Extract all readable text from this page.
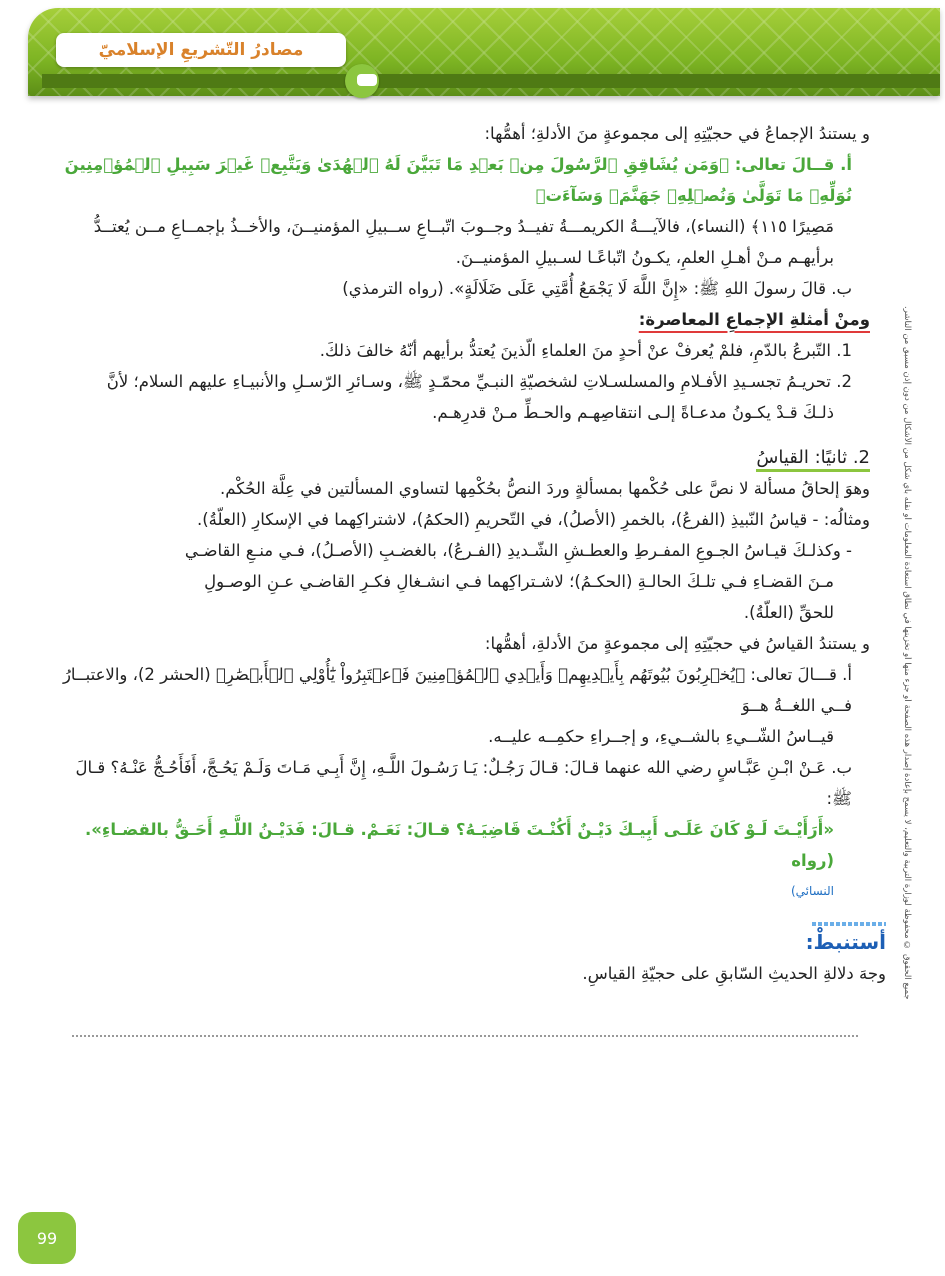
مصادرُ التّشريعِ الإسلاميّ
جميع الحقوق © محفوظة لوزارة التربية والتعليم، لا يسمح بإعادة إصدار هذه الصفحة أو جزء منها أو تخزينها في نطاق استعادة المعلومات أو نقله بأي شكل من الأشكال من دون إذن مسبق من الناشر.

و يستندُ الإجماعُ في حجيّتِهِ إلى مجموعةٍ منَ الأدلةِ؛ أهمُّها:

أ. قــالَ تعالى: ﴿وَمَن يُشَاقِقِ ٱلرَّسُولَ مِنۢ بَعۡدِ مَا تَبَيَّنَ لَهُ ٱلۡهُدَىٰ وَيَتَّبِعۡ غَيۡرَ سَبِيلِ ٱلۡمُؤۡمِنِينَ نُوَلِّهِۦ مَا تَوَلَّىٰ وَنُصۡلِهِۦ جَهَنَّمَۖ وَسَآءَتۡ

مَصِيرًا ١١٥﴾ (النساء)، فالآيـــةُ الكريمـــةُ تفيــدُ وجــوبَ اتّبــاعِ ســبيلِ المؤمنيــنَ، والأخــذُ بإجمــاعِ مــن يُعتــدُّ

برأيهـم مـنْ أهـلِ العلمِ، يكـونُ اتّباعًـا لسـبيلِ المؤمنيــنَ.

ب. قالَ رسولَ اللهِ ﷺ: «إِنَّ اللَّهَ لَا يَجْمَعُ أُمَّتِي عَلَى ضَلَالَةٍ». (رواه الترمذي)

ومنْ أمثلةِ الإجماعِ المعاصرة:

1. التّبرعُ بالدّمِ، فلمْ يُعرفْ عنْ أحدٍ منَ العلماءِ الّذينَ يُعتدُّ برأيهم أنّهُ خالفَ ذلكَ.

2. تحريـمُ تجسـيدِ الأفـلامِ والمسلسـلاتِ لشخصيّةِ النبـيِّ محمّـدٍ ﷺ، وسـائرِ الرّسـلِ والأنبيـاءِ عليهم السلام؛ لأنَّ

ذلـكَ قـدْ يكـونُ مدعـاةً إلـى انتقاصِهـم والحـطِّ مـنْ قدرِهـم.

2. ثانيًا: القياسُ

وهوَ إلحاقُ مسألة لا نصَّ على حُكْمها بمسألةٍ وردَ النصُّ بحُكْمِها لتساوي المسألتين في عِلَّة الحُكْم.

ومثالُه: - قياسُ النّبيذِ (الفرعُ)، بالخمرِ (الأصلُ)، في التّحريمِ (الحكمُ)، لاشتراكِهما في الإسكارِ (العلّةُ).

- وكذلـكَ قيـاسُ الجـوعِ المفـرطِ والعطـشِ الشّـديدِ (الفـرعُ)، بالغضـبِ (الأصـلُ)، فـي منـعِ القاضـي

مـنَ القضـاءِ فـي تلـكَ الحالـةِ (الحكـمُ)؛ لاشـتراكِهما فـي انشـغالِ فكـرِ القاضـي عـنِ الوصـولِ

للحقِّ (العلّةُ).

و يستندُ القياسُ في حجيّتِهِ إلى مجموعةٍ منَ الأدلةِ، أهمُّها:

أ. قـــالَ تعالى: ﴿يُخۡرِبُونَ بُيُوتَهُم بِأَيۡدِيهِمۡ وَأَيۡدِي ٱلۡمُؤۡمِنِينَ فَٱعۡتَبِرُواْ يَٰٓأُوْلِي ٱلۡأَبۡصَٰرِ﴾ (الحشر 2)، والاعتبــارُ فــي اللغــةُ هــوَ

قيــاسُ الشّــيءِ بالشــيءِ، و إجــراءِ حكمِــه عليــه.

ب. عَـنْ ابْـنِ عَبَّـاسٍ رضي الله عنهما قـالَ: قـالَ رَجُـلٌ: يَـا رَسُـولَ اللَّـهِ، إِنَّ أَبِـي مَـاتَ وَلَـمْ يَحُـجَّ، أَفَأَحُـجُّ عَنْـهُ؟ قـالَ ﷺ:

«أَرَأَيْـتَ لَـوْ كَانَ عَلَـى أَبِيـكَ دَيْـنٌ أَكُنْـتَ قَاضِيَـهُ؟ قـالَ: نَعَـمْ. قـالَ: فَدَيْـنُ اللَّـهِ أَحَـقُّ بالقضـاءِ». (رواه

النسائي)

أستنبطْ:
وجهَ دلالةِ الحديثِ السّابقِ على حجيّةِ القياسِ.
99
